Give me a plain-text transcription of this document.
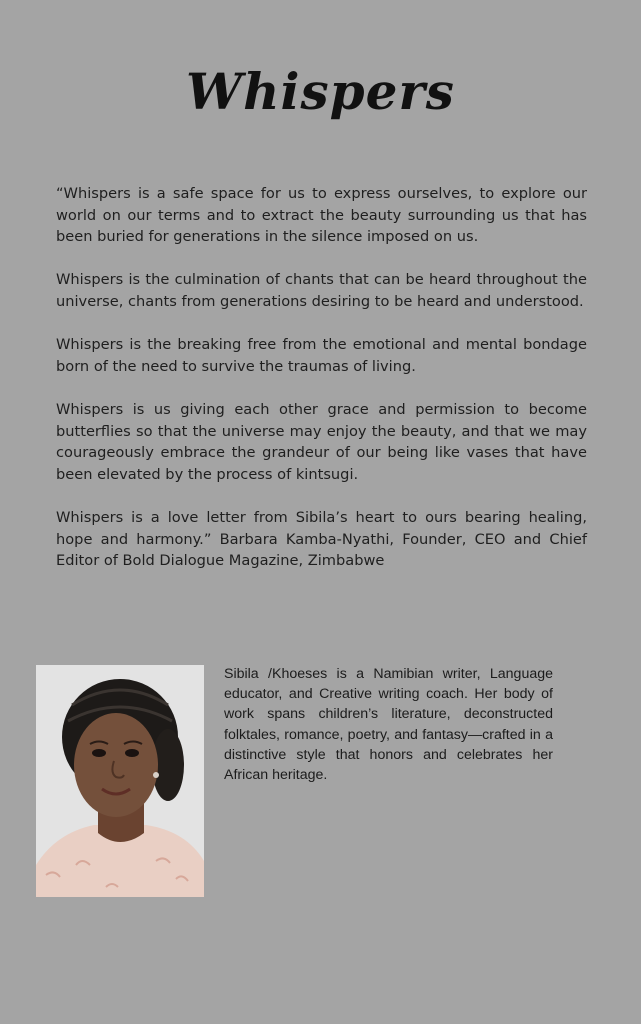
Whispers

“Whispers is a safe space for us to express ourselves, to explore our world on our terms and to extract the beauty surrounding us that has been buried for generations in the silence imposed on us.

Whispers is the culmination of chants that can be heard throughout the universe, chants from generations desiring to be heard and understood.

Whispers is the breaking free from the emotional and mental bondage born of the need to survive the traumas of living.

Whispers is us giving each other grace and permission to become butterflies so that the universe may enjoy the beauty, and that we may courageously embrace the grandeur of our being like vases that have been elevated by the process of kintsugi.

Whispers is a love letter from Sibila’s heart to ours bearing healing, hope and harmony.” Barbara Kamba-Nyathi, Founder, CEO and Chief Editor of Bold Dialogue Magazine, Zimbabwe

Sibila /Khoeses is a Namibian writer, Language educator, and Creative writing coach. Her body of work spans children’s literature, deconstructed folktales, romance, poetry, and fantasy—crafted in a distinctive style that honors and celebrates her African heritage.
